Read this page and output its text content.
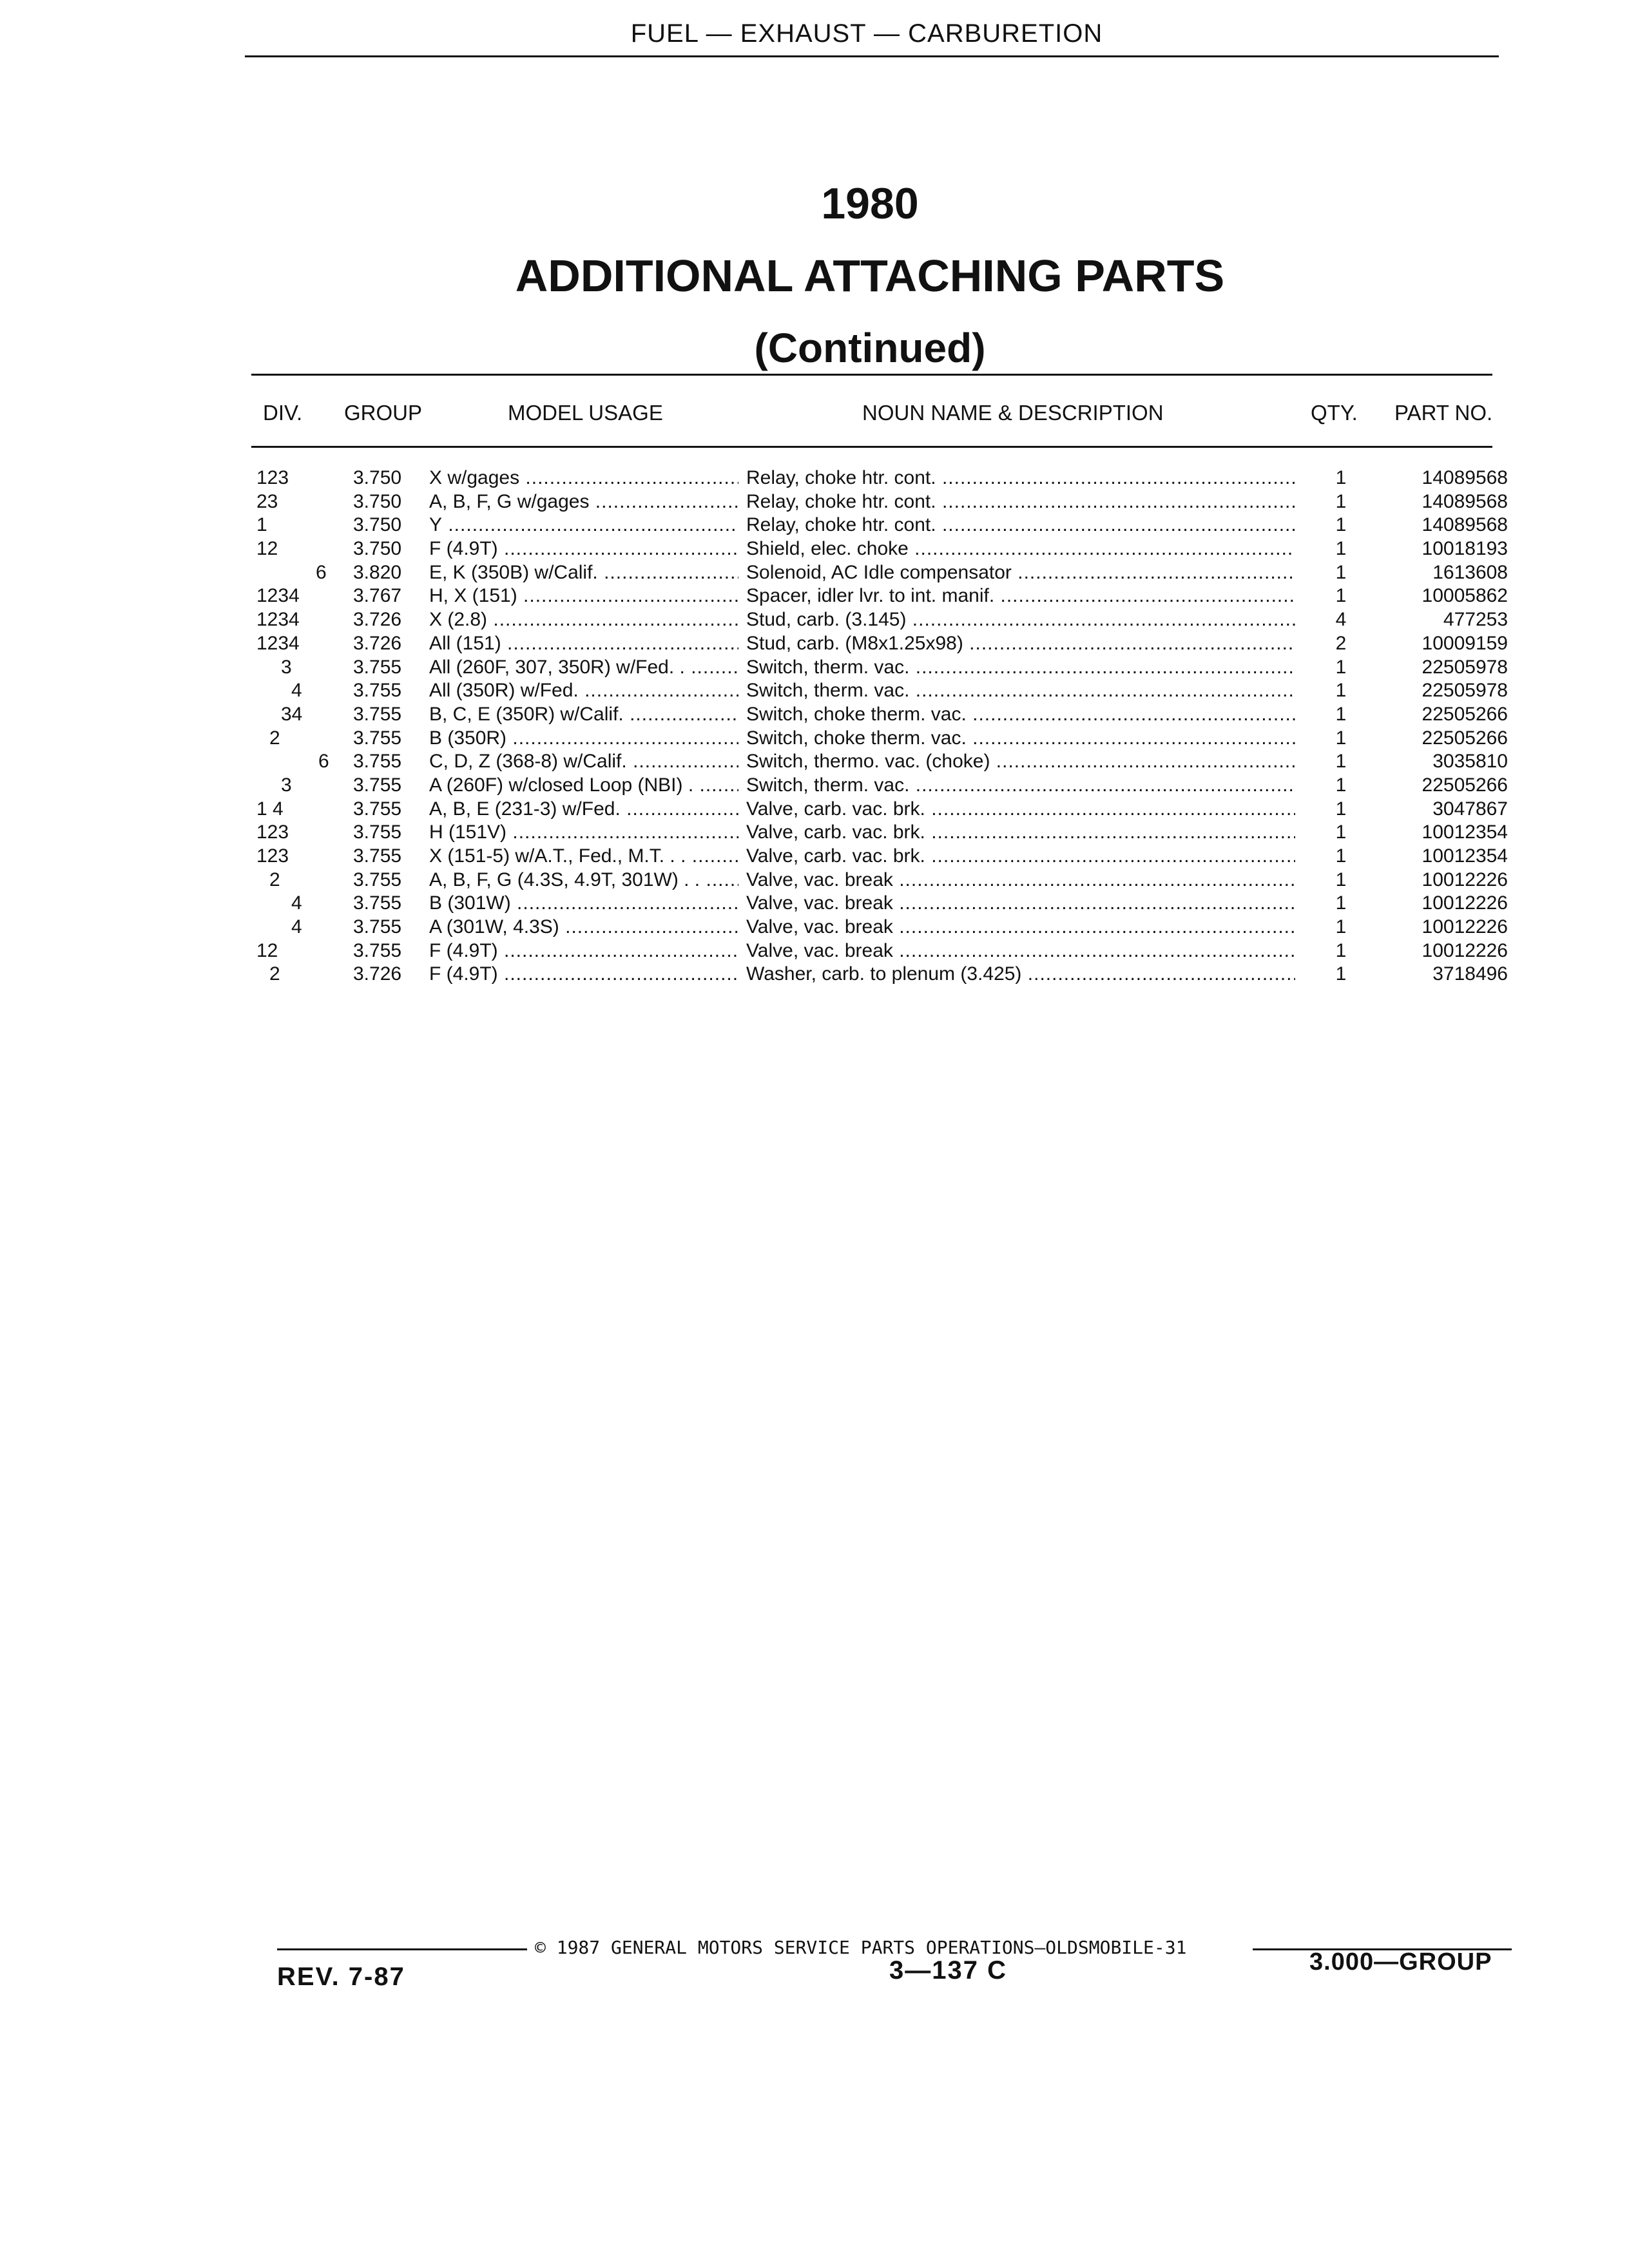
FUEL — EXHAUST — CARBURETION
1980
ADDITIONAL ATTACHING PARTS
(Continued)
DIV. GROUP	MODEL USAGE	NOUN NAME & DESCRIPTION	QTY. PART NO.
123	3.750 X w/gages .....	Relay, choke htr. cont. .....	1	14089568
23	3.750 A, B, F, G w/gages .....	Relay, choke htr. cont. .....	1	14089568
1	3.750 Y .....	Relay, choke htr. cont. .....	1	14089568
12	3.750 F (4.9T) .....	Shield, elec. choke .....	1	10018193
6 3.820 E, K (350B) w/Calif. .....	Solenoid, AC Idle compensator .....	1	1613608
1234	3.767 H, X (151) .....	Spacer, idler lvr. to int. manif. .....	1	10005862
1234	3.726 X (2.8) .....	Stud, carb. (3.145) .....	4	477253
1234	3.726 All (151) .....	Stud, carb. (M8x1.25x98) .....	2	10009159
3	3.755 All (260F, 307, 350R) w/Fed. . .....	Switch, therm. vac. .....	1	22505978
4	3.755 All (350R) w/Fed. .....	Switch, therm. vac. .....	1	22505978
34	3.755 B, C, E (350R) w/Calif. .....	Switch, choke therm. vac. .....	1	22505266
2	3.755 B (350R) .....	Switch, choke therm. vac. .....	1	22505266
6 3.755 C, D, Z (368-8) w/Calif. .....	Switch, thermo. vac. (choke) .....	1	3035810
3	3.755 A (260F) w/closed Loop (NBI) . .....	Switch, therm. vac. .....	1	22505266
1 4	3.755 A, B, E (231-3) w/Fed. .....	Valve, carb. vac. brk. .....	1	3047867
123	3.755 H (151V) .....	Valve, carb. vac. brk. .....	1	10012354
123	3.755 X (151-5) w/A.T., Fed., M.T. . . .....	Valve, carb. vac. brk. .....	1	10012354
2	3.755 A, B, F, G (4.3S, 4.9T, 301W) . . .....	Valve, vac. break .....	1	10012226
4	3.755 B (301W) .....	Valve, vac. break .....	1	10012226
4	3.755 A (301W, 4.3S) .....	Valve, vac. break .....	1	10012226
12	3.755 F (4.9T) .....	Valve, vac. break .....	1	10012226
2	3.726 F (4.9T) .....	Washer, carb. to plenum (3.425) .....	1	3718496
© 1987 GENERAL MOTORS SERVICE PARTS OPERATIONS—OLDSMOBILE-31
REV. 7-87	3—137 C	3.000—GROUP
